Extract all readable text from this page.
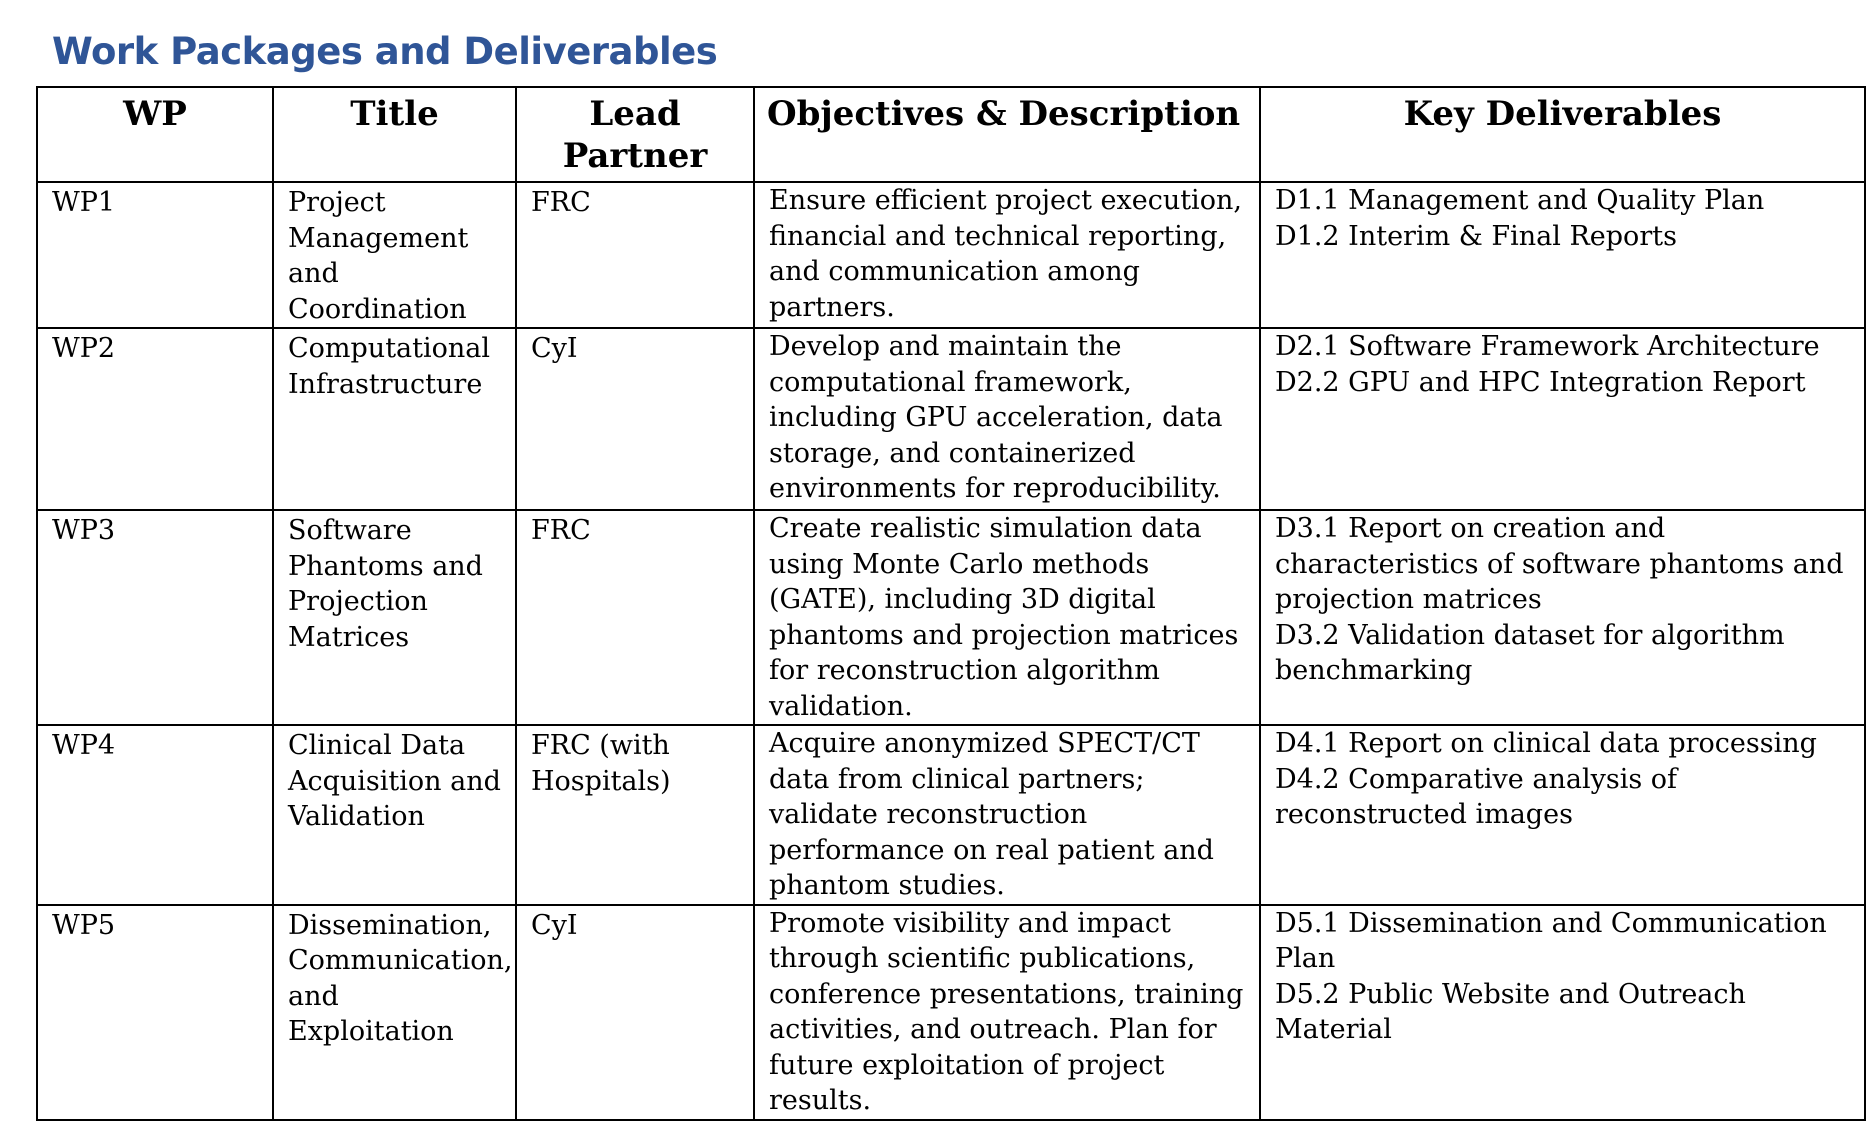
Work Packages and Deliverables
WP	Title	Lead Partner	Objectives & Description	Key Deliverables
WP1	Project Management and Coordination	FRC	Ensure efficient project execution, financial and technical reporting, and communication among partners.	D1.1 Management and Quality Plan
D1.2 Interim & Final Reports

WP2	Computational Infrastructure	CyI	Develop and maintain the computational framework, including GPU acceleration, data storage, and containerized environments for reproducibility.	D2.1 Software Framework Architecture
D2.2 GPU and HPC Integration Report

WP3	Software Phantoms and Projection Matrices	FRC	Create realistic simulation data using Monte Carlo methods (GATE), including 3D digital phantoms and projection matrices for reconstruction algorithm validation.	D3.1 Report on creation and characteristics of software phantoms and projection matrices
D3.2 Validation dataset for algorithm benchmarking

WP4	Clinical Data Acquisition and Validation	FRC (with Hospitals)	Acquire anonymized SPECT/CT data from clinical partners; validate reconstruction performance on real patient and phantom studies.	D4.1 Report on clinical data processing
D4.2 Comparative analysis of reconstructed images

WP5	Dissemination, Communication, and Exploitation	CyI	Promote visibility and impact through scientific publications, conference presentations, training activities, and outreach. Plan for future exploitation of project results.	D5.1 Dissemination and Communication Plan
D5.2 Public Website and Outreach Material
